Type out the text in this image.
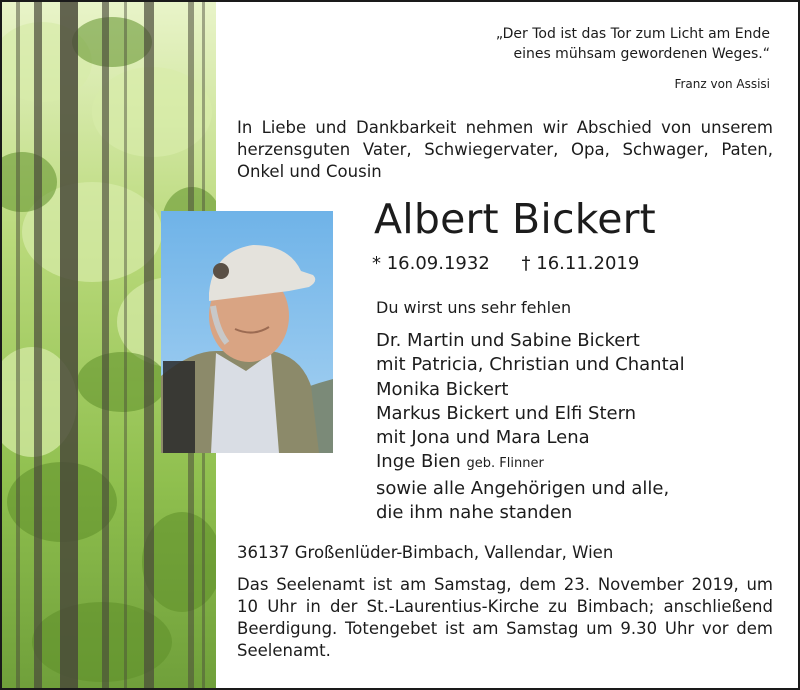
„Der Tod ist das Tor zum Licht am Ende
eines mühsam gewordenen Weges.“
Franz von Assisi
In Liebe und Dankbarkeit nehmen wir Abschied von unserem
herzensguten Vater, Schwiegervater, Opa, Schwager, Paten,
Onkel und Cousin
Albert Bickert
* 16.09.1932 † 16.11.2019
Du wirst uns sehr fehlen
Dr. Martin und Sabine Bickert
mit Patricia, Christian und Chantal
Monika Bickert
Markus Bickert und Elfi Stern
mit Jona und Mara Lena
Inge Bien geb. Flinner
sowie alle Angehörigen und alle,
die ihm nahe standen
36137 Großenlüder-Bimbach, Vallendar, Wien
Das Seelenamt ist am Samstag, dem 23. November 2019, um
10 Uhr in der St.-Laurentius-Kirche zu Bimbach; anschließend
Beerdigung. Totengebet ist am Samstag um 9.30 Uhr vor dem
Seelenamt.
